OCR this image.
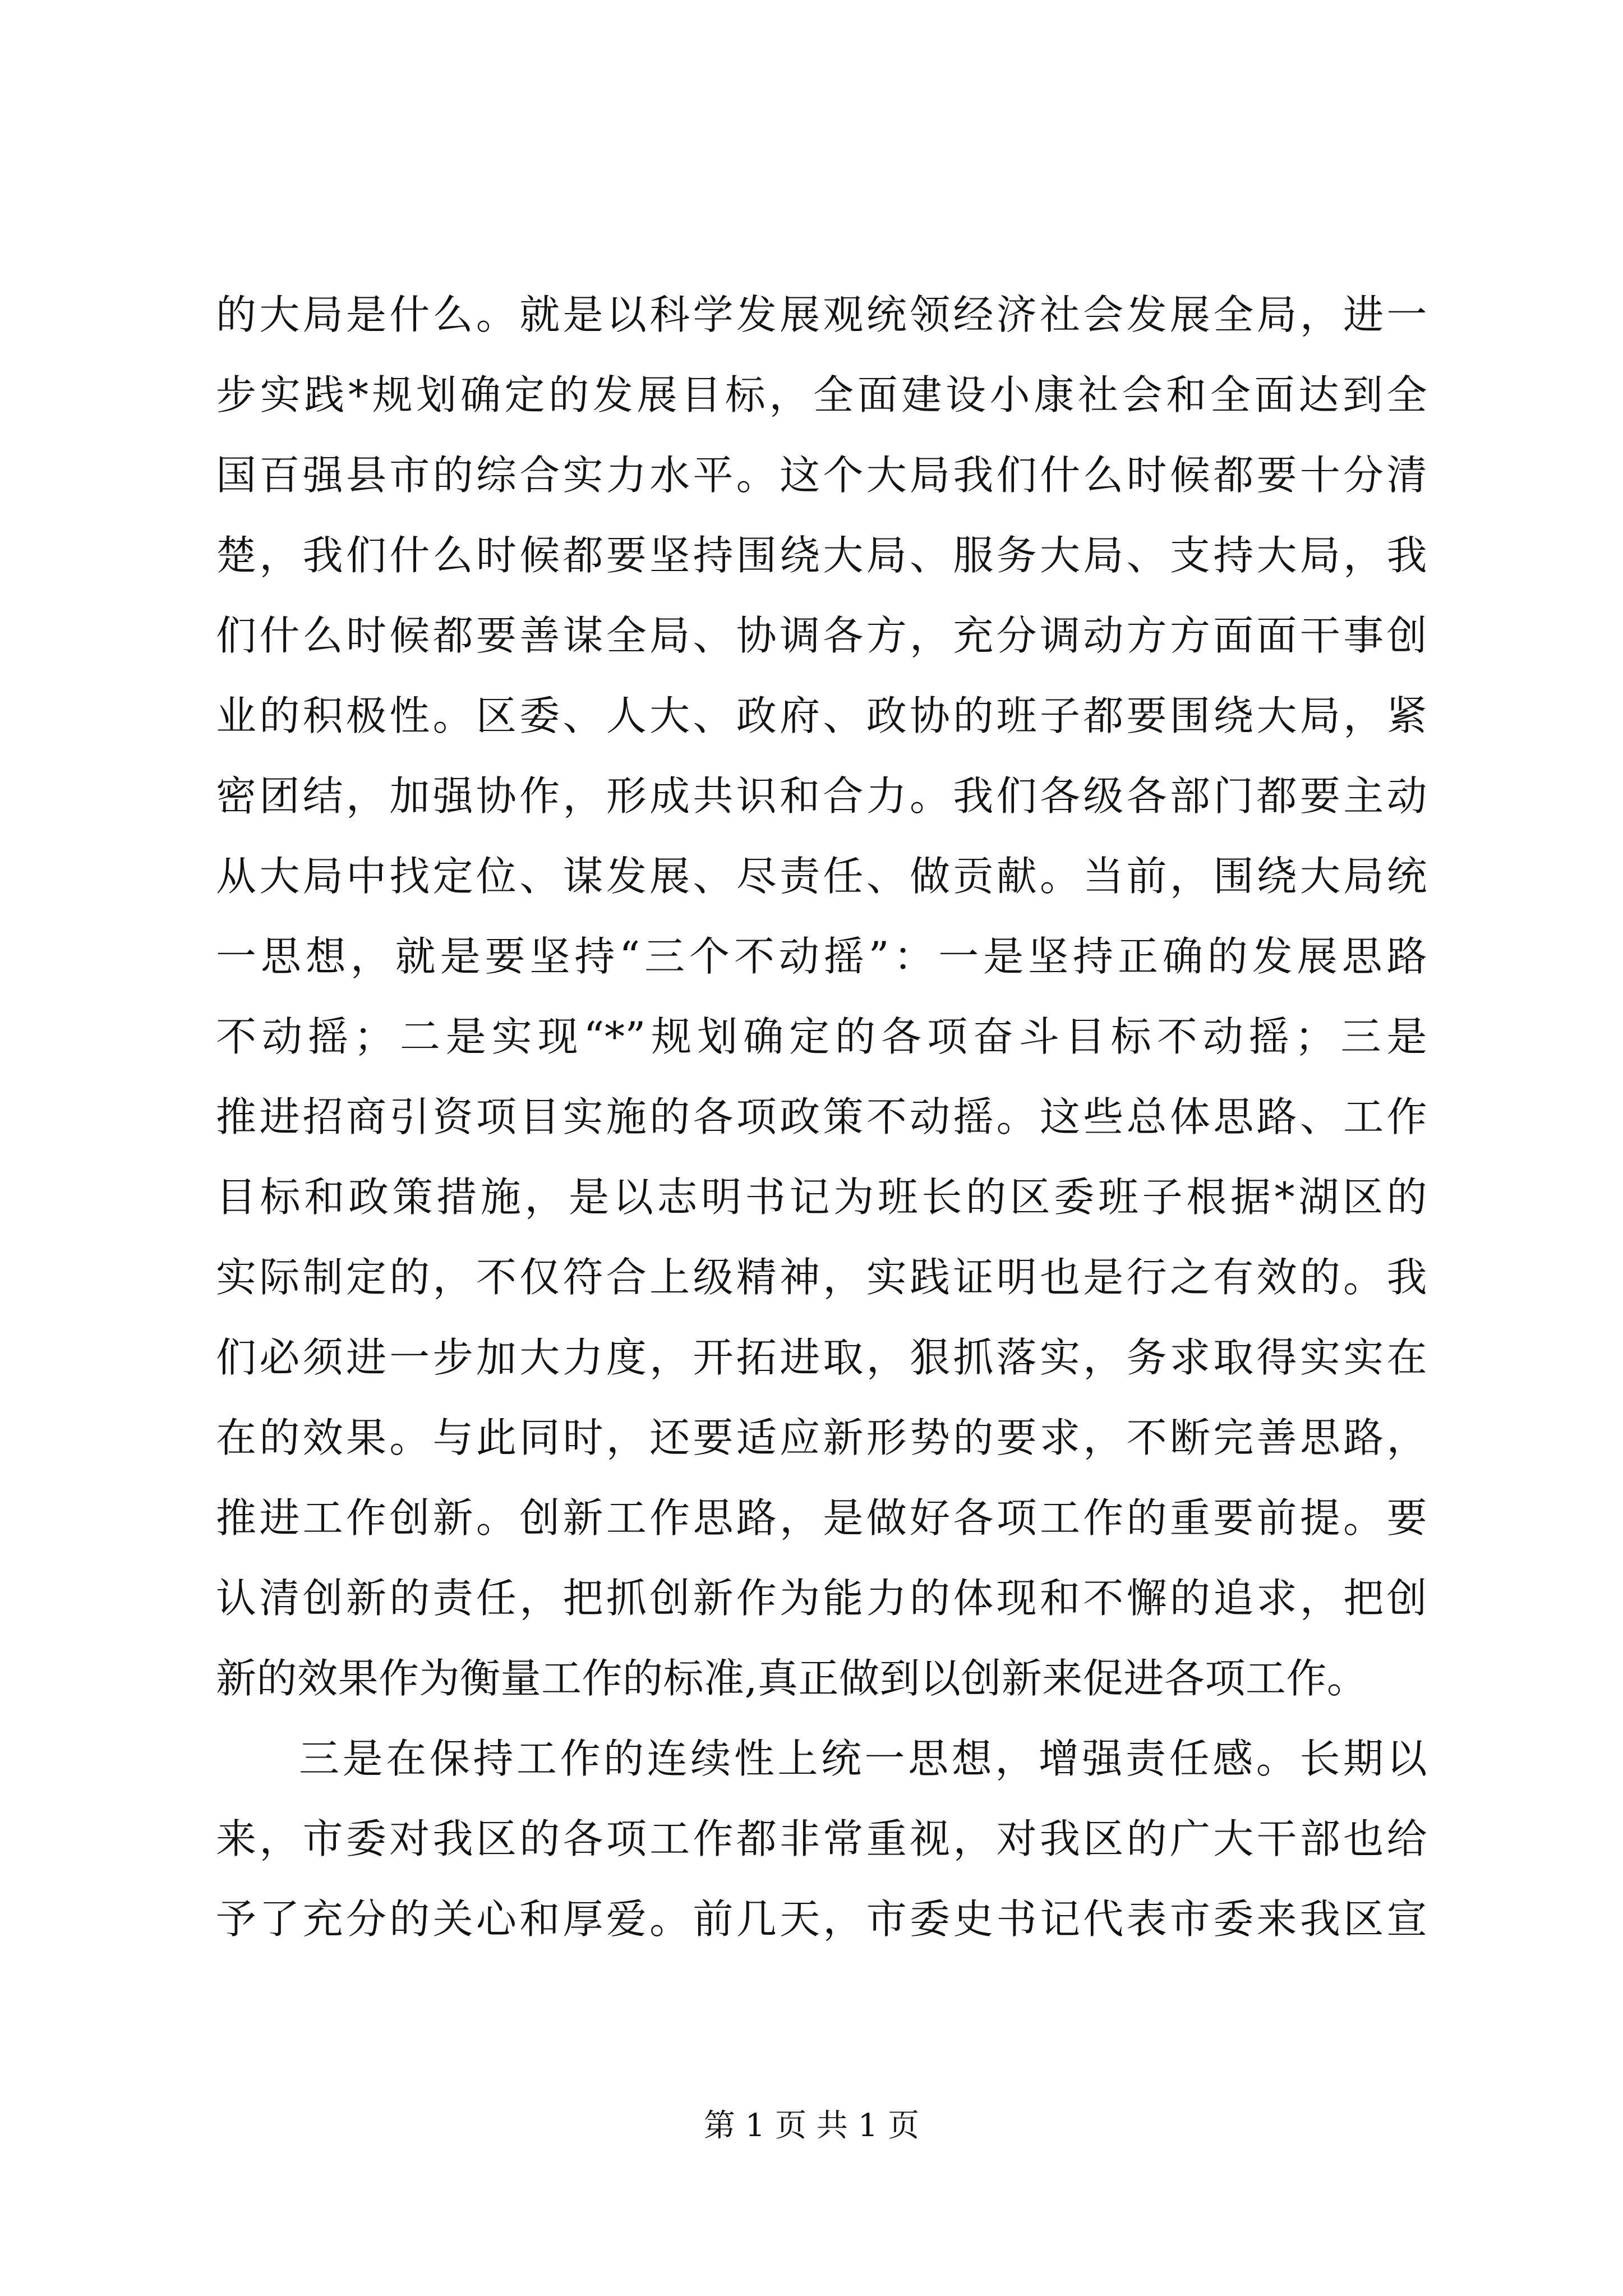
的大局是什么。就是以科学发展观统领经济社会发展全局，进一
步实践*规划确定的发展目标，全面建设小康社会和全面达到全
国百强县市的综合实力水平。这个大局我们什么时候都要十分清
楚，我们什么时候都要坚持围绕大局、服务大局、支持大局，我
们什么时候都要善谋全局、协调各方，充分调动方方面面干事创
业的积极性。区委、人大、政府、政协的班子都要围绕大局，紧
密团结，加强协作，形成共识和合力。我们各级各部门都要主动
从大局中找定位、谋发展、尽责任、做贡献。当前，围绕大局统
一思想，就是要坚持“三个不动摇”：一是坚持正确的发展思路
不动摇；二是实现“*”规划确定的各项奋斗目标不动摇；三是
推进招商引资项目实施的各项政策不动摇。这些总体思路、工作
目标和政策措施，是以志明书记为班长的区委班子根据*湖区的
实际制定的，不仅符合上级精神，实践证明也是行之有效的。我
们必须进一步加大力度，开拓进取，狠抓落实，务求取得实实在
在的效果。与此同时，还要适应新形势的要求，不断完善思路，
推进工作创新。创新工作思路，是做好各项工作的重要前提。要
认清创新的责任，把抓创新作为能力的体现和不懈的追求，把创
新的效果作为衡量工作的标准,真正做到以创新来促进各项工作。
三是在保持工作的连续性上统一思想，增强责任感。长期以
来，市委对我区的各项工作都非常重视，对我区的广大干部也给
予了充分的关心和厚爱。前几天，市委史书记代表市委来我区宣
第 1 页 共 1 页
